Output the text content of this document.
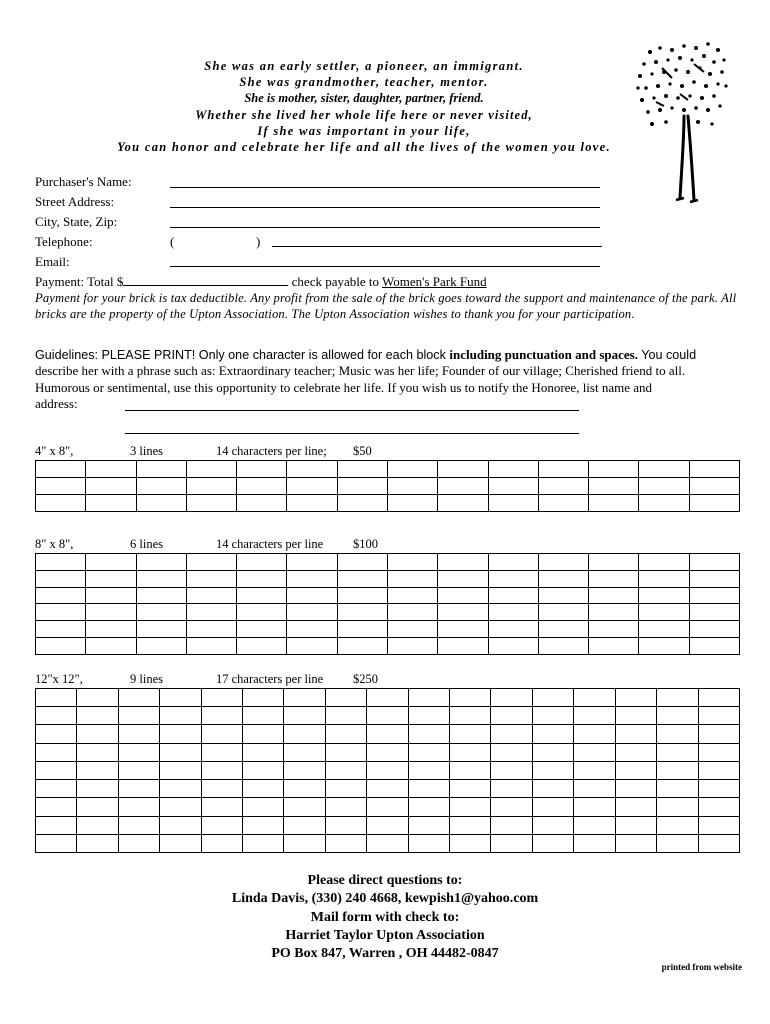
She was an early settler, a pioneer, an immigrant.
She was grandmother, teacher, mentor.
She is mother, sister, daughter, partner, friend.
Whether she lived her whole life here or never visited,
If she was important in your life,
You can honor and celebrate her life and all the lives of the women you love.
Purchaser's Name:
Street Address:
City, State, Zip:
Telephone:	(	)
Email:
Payment: Total $	check payable to Women's Park Fund
Payment for your brick is tax deductible. Any profit from the sale of the brick goes toward the support and maintenance of the park. All bricks are the property of the Upton Association. The Upton Association wishes to thank you for your participation.
Guidelines: PLEASE PRINT! Only one character is allowed for each block including punctuation and spaces. You could
describe her with a phrase such as: Extraordinary teacher; Music was her life; Founder of our village; Cherished friend to all.
Humorous or sentimental, use this opportunity to celebrate her life. If you wish us to notify the Honoree, list name and
address:
4" x 8",	3 lines	14 characters per line; $50

8" x 8",	6 lines	14 characters per line $100

12"x 12",	9 lines	17 characters per line $250

Please direct questions to:
Linda Davis, (330) 240 4668, kewpish1@yahoo.com
Mail form with check to:
Harriet Taylor Upton Association
PO Box 847, Warren , OH 44482-0847
printed from website
